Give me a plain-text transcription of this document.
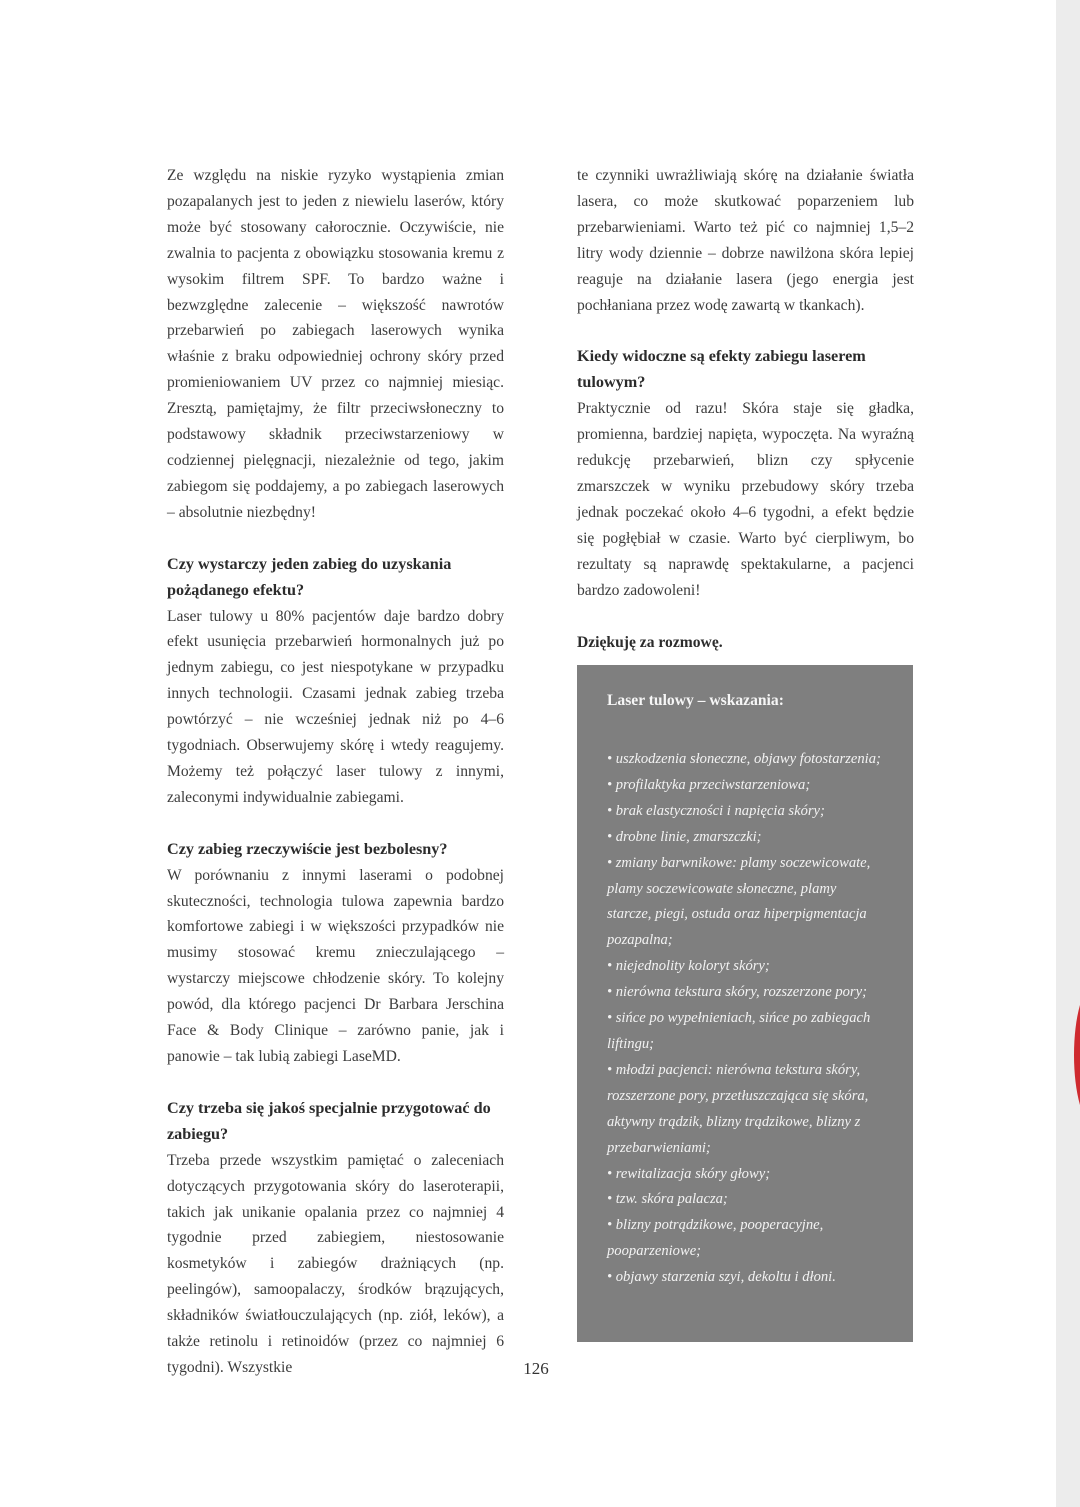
Ze względu na niskie ryzyko wystąpienia zmian pozapalanych jest to jeden z niewielu laserów, który może być stosowany całorocznie. Oczywiście, nie zwalnia to pacjenta z obowiązku stosowania kremu z wysokim filtrem SPF. To bardzo ważne i bezwzględne zalecenie – większość nawrotów przebarwień po zabiegach laserowych wynika właśnie z braku odpowiedniej ochrony skóry przed promieniowaniem UV przez co najmniej miesiąc. Zresztą, pamiętajmy, że filtr przeciwsłoneczny to podstawowy składnik przeciwstarzeniowy w codziennej pielęgnacji, niezależnie od tego, jakim zabiegom się poddajemy, a po zabiegach laserowych – absolutnie niezbędny!

Czy wystarczy jeden zabieg do uzyskania pożądanego efektu?

Laser tulowy u 80% pacjentów daje bardzo dobry efekt usunięcia przebarwień hormonalnych już po jednym zabiegu, co jest niespotykane w przypadku innych technologii. Czasami jednak zabieg trzeba powtórzyć – nie wcześniej jednak niż po 4–6 tygodniach. Obserwujemy skórę i wtedy reagujemy. Możemy też połączyć laser tulowy z innymi, zaleconymi indywidualnie zabiegami.

Czy zabieg rzeczywiście jest bezbolesny?

W porównaniu z innymi laserami o podobnej skuteczności, technologia tulowa zapewnia bardzo komfortowe zabiegi i w większości przypadków nie musimy stosować kremu znieczulającego – wystarczy miejscowe chłodzenie skóry. To kolejny powód, dla którego pacjenci Dr Barbara Jerschina Face & Body Clinique – zarówno panie, jak i panowie – tak lubią zabiegi LaseMD.

Czy trzeba się jakoś specjalnie przygotować do zabiegu?

Trzeba przede wszystkim pamiętać o zaleceniach dotyczących przygotowania skóry do laseroterapii, takich jak unikanie opalania przez co najmniej 4 tygodnie przed zabiegiem, niestosowanie kosmetyków i zabiegów drażniących (np. peelingów), samoopalaczy, środków brązujących, składników światłouczulających (np. ziół, leków), a także retinolu i retinoidów (przez co najmniej 6 tygodni). Wszystkie

te czynniki uwrażliwiają skórę na działanie światła lasera, co może skutkować poparzeniem lub przebarwieniami. Warto też pić co najmniej 1,5–2 litry wody dziennie – dobrze nawilżona skóra lepiej reaguje na działanie lasera (jego energia jest pochłaniana przez wodę zawartą w tkankach).

Kiedy widoczne są efekty zabiegu laserem tulowym?

Praktycznie od razu! Skóra staje się gładka, promienna, bardziej napięta, wypoczęta. Na wyraźną redukcję przebarwień, blizn czy spłycenie zmarszczek w wyniku przebudowy skóry trzeba jednak poczekać około 4–6 tygodni, a efekt będzie się pogłębiał w czasie. Warto być cierpliwym, bo rezultaty są naprawdę spektakularne, a pacjenci bardzo zadowoleni!

Dziękuję za rozmowę.

Laser tulowy – wskazania:
• uszkodzenia słoneczne, objawy fotostarzenia;
• profilaktyka przeciwstarzeniowa;
• brak elastyczności i napięcia skóry;
• drobne linie, zmarszczki;
• zmiany barwnikowe: plamy soczewicowate, plamy soczewicowate słoneczne, plamy starcze, piegi, ostuda oraz hiperpigmentacja pozapalna;
• niejednolity koloryt skóry;
• nierówna tekstura skóry, rozszerzone pory;
• sińce po wypełnieniach, sińce po zabiegach liftingu;
• młodzi pacjenci: nierówna tekstura skóry, rozszerzone pory, przetłuszczająca się skóra, aktywny trądzik, blizny trądzikowe, blizny z przebarwieniami;
• rewitalizacja skóry głowy;
• tzw. skóra palacza;
• blizny potrądzikowe, pooperacyjne, pooparzeniowe;
• objawy starzenia szyi, dekoltu i dłoni.
126
